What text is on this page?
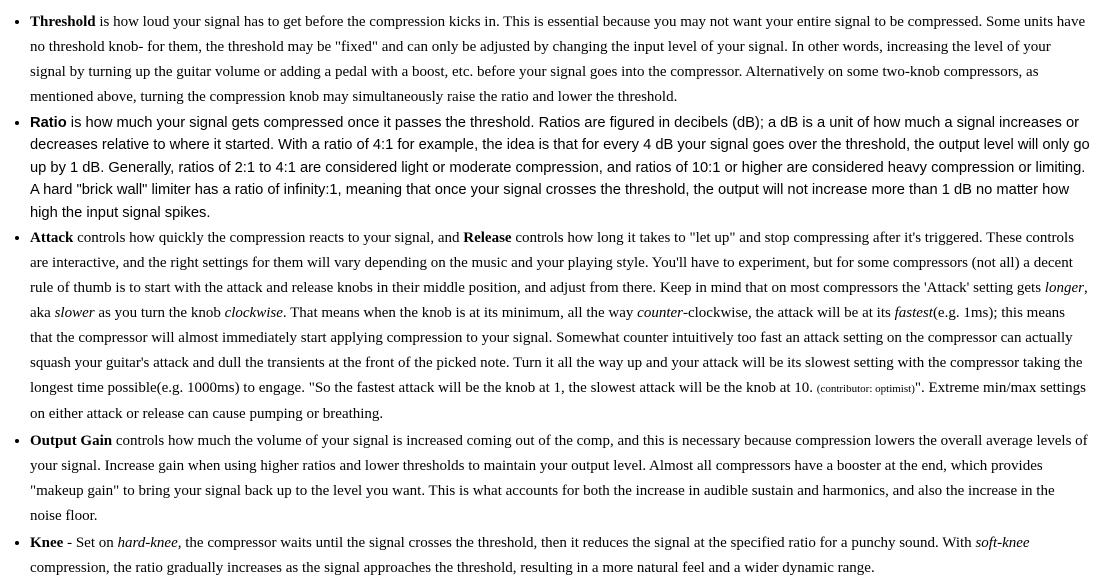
• Threshold is how loud your signal has to get before the compression kicks in. This is essential because you may not want your entire signal to be compressed. Some units have no threshold knob- for them, the threshold may be "fixed" and can only be adjusted by changing the input level of your signal. In other words, increasing the level of your signal by turning up the guitar volume or adding a pedal with a boost, etc. before your signal goes into the compressor. Alternatively on some two-knob compressors, as mentioned above, turning the compression knob may simultaneously raise the ratio and lower the threshold.
• Ratio is how much your signal gets compressed once it passes the threshold. Ratios are figured in decibels (dB); a dB is a unit of how much a signal increases or decreases relative to where it started. With a ratio of 4:1 for example, the idea is that for every 4 dB your signal goes over the threshold, the output level will only go up by 1 dB. Generally, ratios of 2:1 to 4:1 are considered light or moderate compression, and ratios of 10:1 or higher are considered heavy compression or limiting. A hard "brick wall" limiter has a ratio of infinity:1, meaning that once your signal crosses the threshold, the output will not increase more than 1 dB no matter how high the input signal spikes.
• Attack controls how quickly the compression reacts to your signal, and Release controls how long it takes to "let up" and stop compressing after it's triggered. These controls are interactive, and the right settings for them will vary depending on the music and your playing style. You'll have to experiment, but for some compressors (not all) a decent rule of thumb is to start with the attack and release knobs in their middle position, and adjust from there. Keep in mind that on most compressors the 'Attack' setting gets longer, aka slower as you turn the knob clockwise. That means when the knob is at its minimum, all the way counter-clockwise, the attack will be at its fastest(e.g. 1ms); this means that the compressor will almost immediately start applying compression to your signal. Somewhat counter intuitively too fast an attack setting on the compressor can actually squash your guitar's attack and dull the transients at the front of the picked note. Turn it all the way up and your attack will be its slowest setting with the compressor taking the longest time possible(e.g. 1000ms) to engage. "So the fastest attack will be the knob at 1, the slowest attack will be the knob at 10. (contributor: optimist)". Extreme min/max settings on either attack or release can cause pumping or breathing.
• Output Gain controls how much the volume of your signal is increased coming out of the comp, and this is necessary because compression lowers the overall average levels of your signal. Increase gain when using higher ratios and lower thresholds to maintain your output level. Almost all compressors have a booster at the end, which provides "makeup gain" to bring your signal back up to the level you want. This is what accounts for both the increase in audible sustain and harmonics, and also the increase in the noise floor.
• Knee - Set on hard-knee, the compressor waits until the signal crosses the threshold, then it reduces the signal at the specified ratio for a punchy sound. With soft-knee compression, the ratio gradually increases as the signal approaches the threshold, resulting in a more natural feel and a wider dynamic range.
